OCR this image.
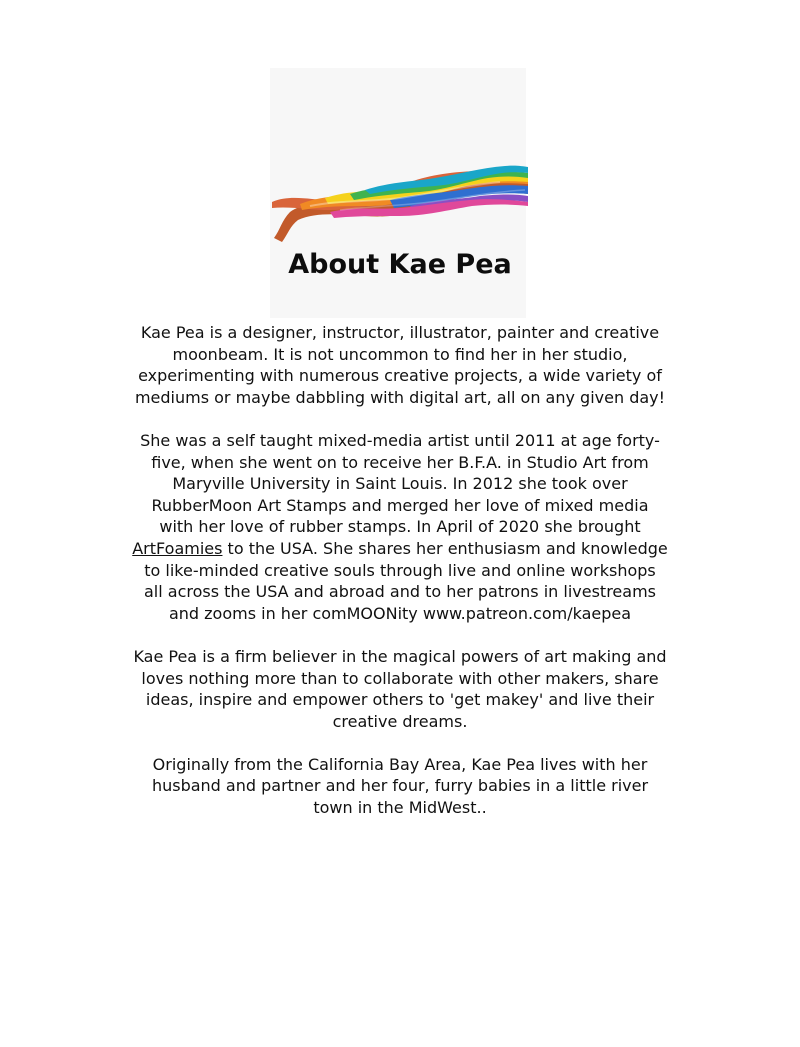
About Kae Pea

Kae Pea is a designer, instructor, illustrator, painter and creative
moonbeam. It is not uncommon to find her in her studio,
experimenting with numerous creative projects, a wide variety of
mediums or maybe dabbling with digital art, all on any given day!

She was a self taught mixed-media artist until 2011 at age forty-
five, when she went on to receive her B.F.A. in Studio Art from
Maryville University in Saint Louis. In 2012 she took over
RubberMoon Art Stamps and merged her love of mixed media
with her love of rubber stamps. In April of 2020 she brought
ArtFoamies to the USA. She shares her enthusiasm and knowledge
to like-minded creative souls through live and online workshops
all across the USA and abroad and to her patrons in livestreams
and zooms in her comMOONity www.patreon.com/kaepea

Kae Pea is a firm believer in the magical powers of art making and
loves nothing more than to collaborate with other makers, share
ideas, inspire and empower others to 'get makey' and live their
creative dreams.

Originally from the California Bay Area, Kae Pea lives with her
husband and partner and her four, furry babies in a little river
town in the MidWest..
